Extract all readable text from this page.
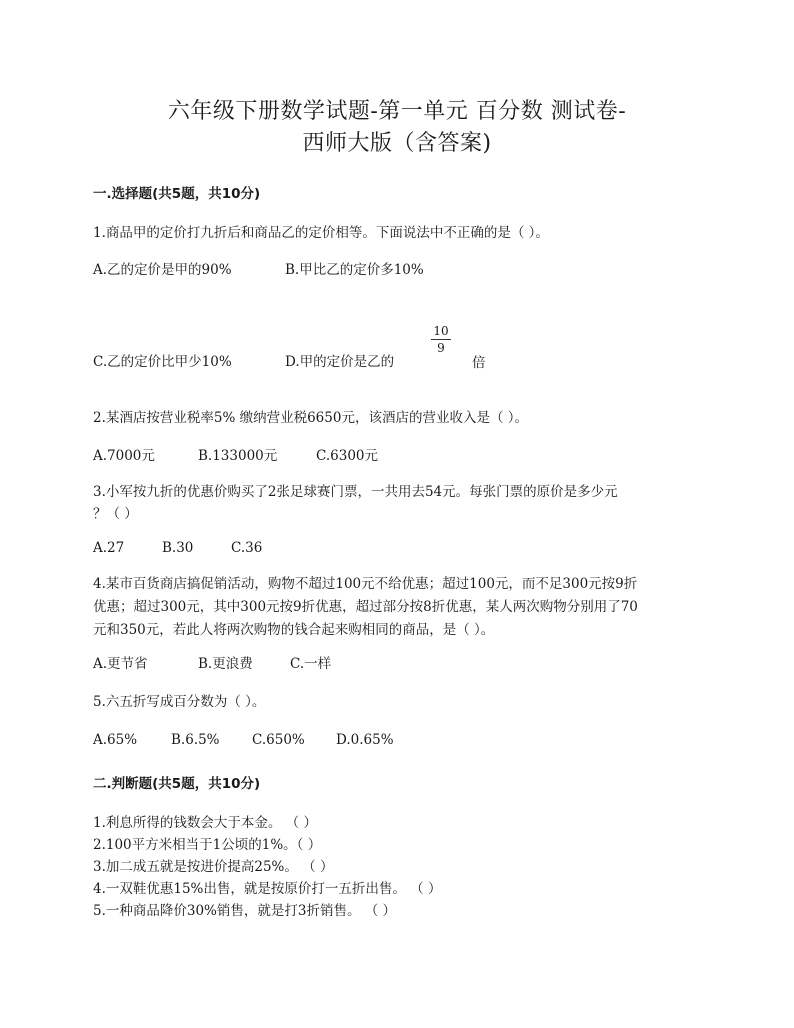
六年级下册数学试题-第一单元 百分数 测试卷-
西师大版（含答案)
一.选择题(共5题，共10分)
1.商品甲的定价打九折后和商品乙的定价相等。下面说法中不正确的是（ ）。
A.乙的定价是甲的90%	B.甲比乙的定价多10%
C.乙的定价比甲少10%	D.甲的定价是乙的
10
9
倍
2.某酒店按营业税率5% 缴纳营业税6650元，该酒店的营业收入是（ ）。
A.7000元	B.133000元	C.6300元
3.小军按九折的优惠价购买了2张足球赛门票，一共用去54元。每张门票的原价是多少元
？（ ）
A.27	B.30	C.36
4.某市百货商店搞促销活动，购物不超过100元不给优惠；超过100元，而不足300元按9折
优惠；超过300元，其中300元按9折优惠，超过部分按8折优惠，某人两次购物分别用了70
元和350元，若此人将两次购物的钱合起来购相同的商品，是（ ）。
A.更节省	B.更浪费	C.一样
5.六五折写成百分数为（ ）。
A.65%	B.6.5% C.650% D.0.65%
二.判断题(共5题，共10分)
1.利息所得的钱数会大于本金。 （ ）
2.100平方米相当于1公顷的1%。（ ）
3.加二成五就是按进价提高25%。 （ ）
4.一双鞋优惠15%出售，就是按原价打一五折出售。 （ ）
5.一种商品降价30%销售，就是打3折销售。 （ ）
